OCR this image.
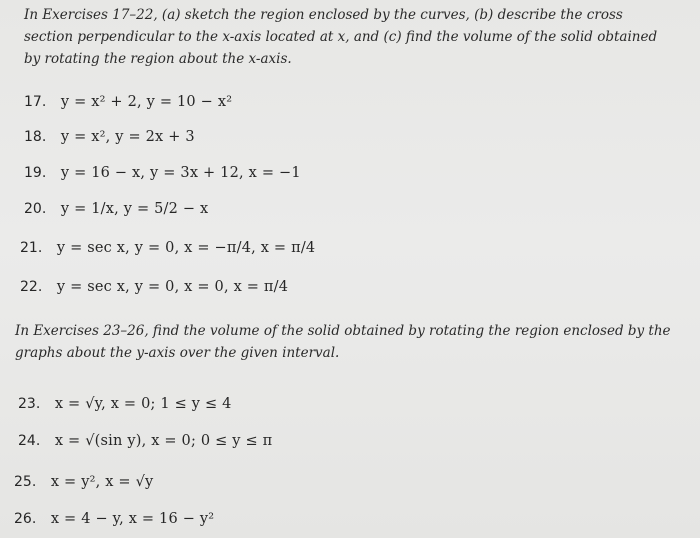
In Exercises 17–22, (a) sketch the region enclosed by the curves, (b) describe the cross section perpendicular to the x-axis located at x, and (c) find the volume of the solid obtained by rotating the region about the x-axis.
17. y = x² + 2, y = 10 − x²
18. y = x², y = 2x + 3
19. y = 16 − x, y = 3x + 12, x = −1
20. y = 1/x, y = 5/2 − x
21. y = sec x, y = 0, x = −π/4, x = π/4
22. y = sec x, y = 0, x = 0, x = π/4
In Exercises 23–26, find the volume of the solid obtained by rotating the region enclosed by the graphs about the y-axis over the given interval.
23. x = √y, x = 0; 1 ≤ y ≤ 4
24. x = √(sin y), x = 0; 0 ≤ y ≤ π
25. x = y², x = √y
26. x = 4 − y, x = 16 − y²
